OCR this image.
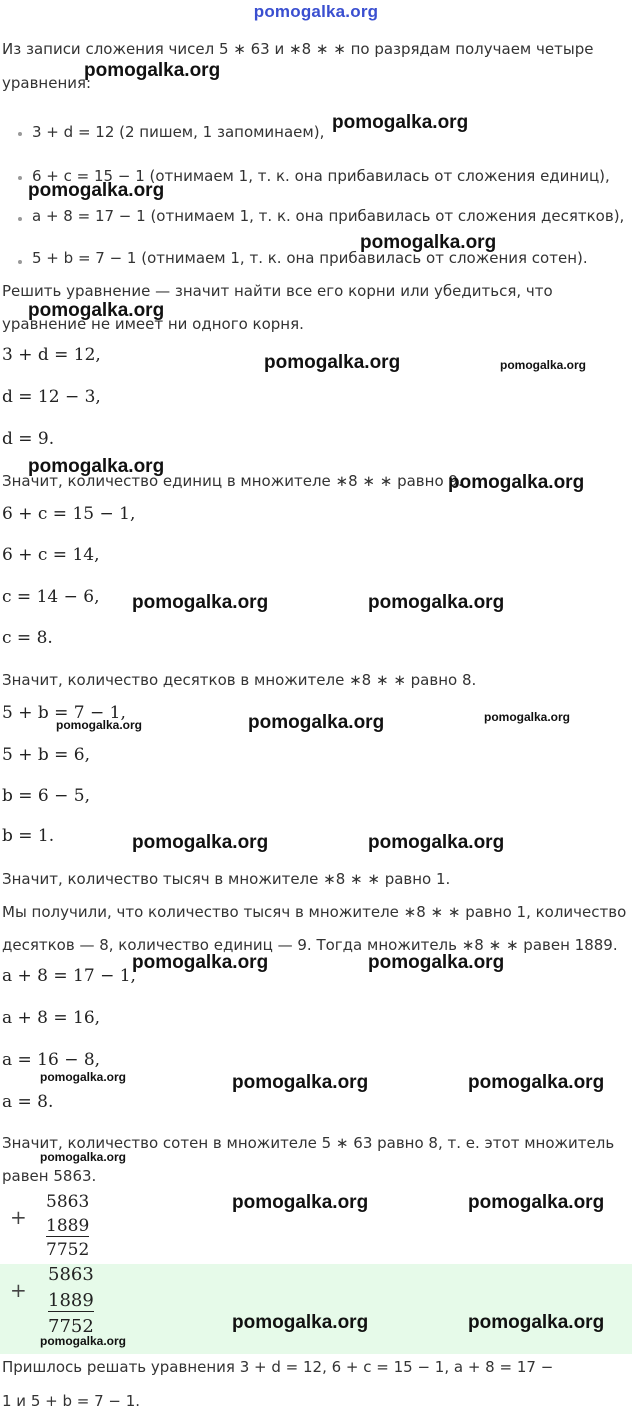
pomogalka.org
Из записи сложения чисел 5 ∗ 63 и ∗8 ∗ ∗ по разрядам получаем четыре
уравнения:
3 + d = 12 (2 пишем, 1 запоминаем),
6 + c = 15 − 1 (отнимаем 1, т. к. она прибавилась от сложения единиц),
a + 8 = 17 − 1 (отнимаем 1, т. к. она прибавилась от сложения десятков),
5 + b = 7 − 1 (отнимаем 1, т. к. она прибавилась от сложения сотен).
Решить уравнение — значит найти все его корни или убедиться, что
уравнение не имеет ни одного корня.
3 + d = 12,
d = 12 − 3,
d = 9.
Значит, количество единиц в множителе ∗8 ∗ ∗ равно 9.
6 + c = 15 − 1,
6 + c = 14,
c = 14 − 6,
c = 8.
Значит, количество десятков в множителе ∗8 ∗ ∗ равно 8.
5 + b = 7 − 1,
5 + b = 6,
b = 6 − 5,
b = 1.
Значит, количество тысяч в множителе ∗8 ∗ ∗ равно 1.
Мы получили, что количество тысяч в множителе ∗8 ∗ ∗ равно 1, количество
десятков — 8, количество единиц — 9. Тогда множитель ∗8 ∗ ∗ равен 1889.
a + 8 = 17 − 1,
a + 8 = 16,
a = 16 − 8,
a = 8.
Значит, количество сотен в множителе 5 ∗ 63 равно 8, т. е. этот множитель
равен 5863.
+
5863
1889
7752
+
5863
1889
7752
Пришлось решать уравнения 3 + d = 12, 6 + c = 15 − 1, a + 8 = 17 −
1 и 5 + b = 7 − 1.
pomogalka.org
pomogalka.org
pomogalka.org
pomogalka.org
pomogalka.org
pomogalka.org	pomogalka.org
pomogalka.org
pomogalka.org
pomogalka.org	pomogalka.org
pomogalka.org	pomogalka.org	pomogalka.org
pomogalka.org	pomogalka.org
pomogalka.org	pomogalka.org
pomogalka.org	pomogalka.org	pomogalka.org
pomogalka.org
pomogalka.org	pomogalka.org
pomogalka.org
pomogalka.org	pomogalka.org
